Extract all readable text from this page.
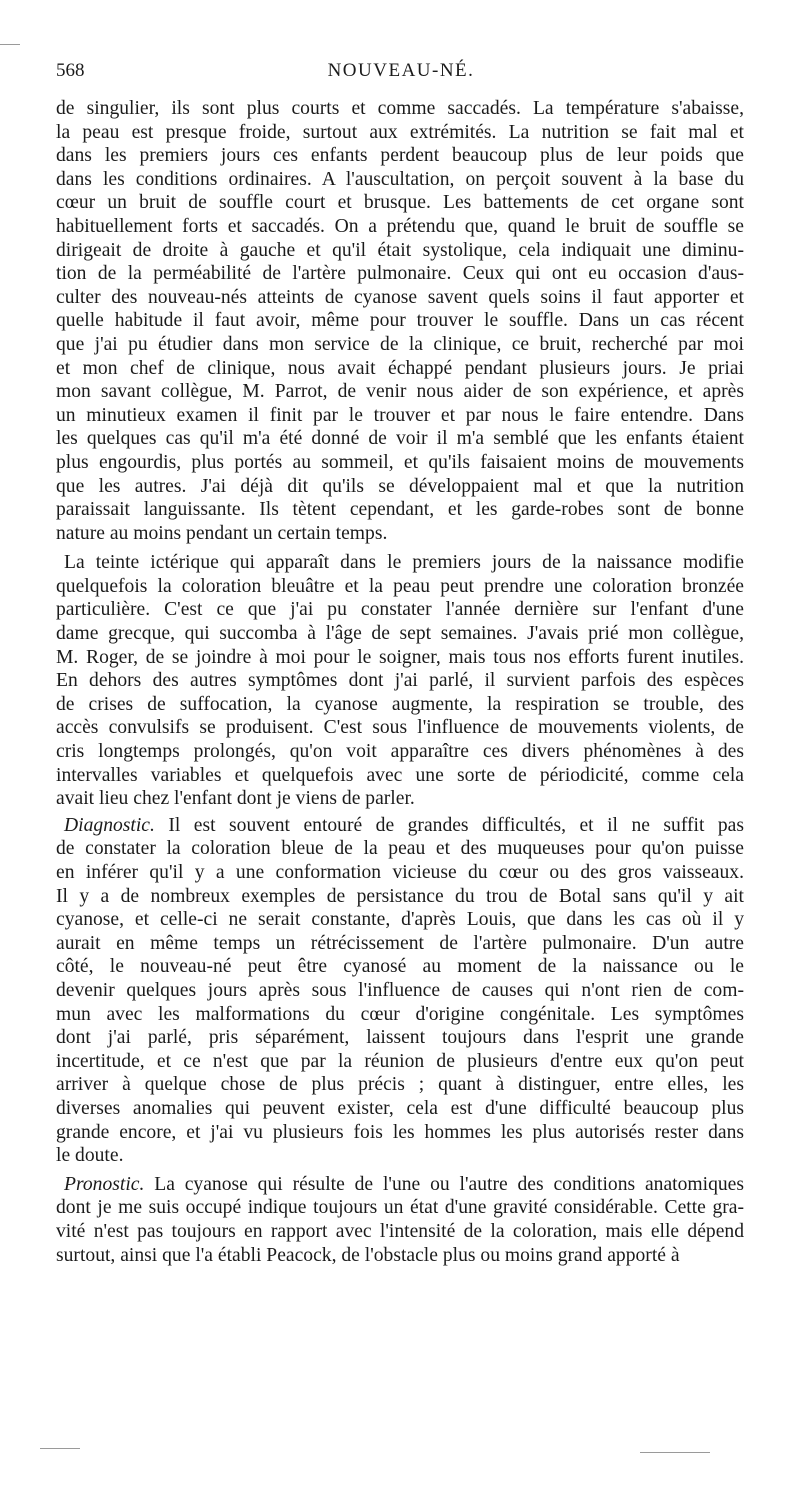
568	NOUVEAU-NÉ.
de singulier, ils sont plus courts et comme saccadés. La température s'abaisse,
la peau est presque froide, surtout aux extrémités. La nutrition se fait mal et
dans les premiers jours ces enfants perdent beaucoup plus de leur poids que
dans les conditions ordinaires. A l'auscultation, on perçoit souvent à la base du
cœur un bruit de souffle court et brusque. Les battements de cet organe sont
habituellement forts et saccadés. On a prétendu que, quand le bruit de souffle se
dirigeait de droite à gauche et qu'il était systolique, cela indiquait une diminu-
tion de la perméabilité de l'artère pulmonaire. Ceux qui ont eu occasion d'aus-
culter des nouveau-nés atteints de cyanose savent quels soins il faut apporter et
quelle habitude il faut avoir, même pour trouver le souffle. Dans un cas récent
que j'ai pu étudier dans mon service de la clinique, ce bruit, recherché par moi
et mon chef de clinique, nous avait échappé pendant plusieurs jours. Je priai
mon savant collègue, M. Parrot, de venir nous aider de son expérience, et après
un minutieux examen il finit par le trouver et par nous le faire entendre. Dans
les quelques cas qu'il m'a été donné de voir il m'a semblé que les enfants étaient
plus engourdis, plus portés au sommeil, et qu'ils faisaient moins de mouvements
que les autres. J'ai déjà dit qu'ils se développaient mal et que la nutrition
paraissait languissante. Ils tètent cependant, et les garde-robes sont de bonne
nature au moins pendant un certain temps.
La teinte ictérique qui apparaît dans le premiers jours de la naissance modifie
quelquefois la coloration bleuâtre et la peau peut prendre une coloration bronzée
particulière. C'est ce que j'ai pu constater l'année dernière sur l'enfant d'une
dame grecque, qui succomba à l'âge de sept semaines. J'avais prié mon collègue,
M. Roger, de se joindre à moi pour le soigner, mais tous nos efforts furent inutiles.
En dehors des autres symptômes dont j'ai parlé, il survient parfois des espèces
de crises de suffocation, la cyanose augmente, la respiration se trouble, des
accès convulsifs se produisent. C'est sous l'influence de mouvements violents, de
cris longtemps prolongés, qu'on voit apparaître ces divers phénomènes à des
intervalles variables et quelquefois avec une sorte de périodicité, comme cela
avait lieu chez l'enfant dont je viens de parler.
Diagnostic. Il est souvent entouré de grandes difficultés, et il ne suffit pas
de constater la coloration bleue de la peau et des muqueuses pour qu'on puisse
en inférer qu'il y a une conformation vicieuse du cœur ou des gros vaisseaux.
Il y a de nombreux exemples de persistance du trou de Botal sans qu'il y ait
cyanose, et celle-ci ne serait constante, d'après Louis, que dans les cas où il y
aurait en même temps un rétrécissement de l'artère pulmonaire. D'un autre
côté, le nouveau-né peut être cyanosé au moment de la naissance ou le
devenir quelques jours après sous l'influence de causes qui n'ont rien de com-
mun avec les malformations du cœur d'origine congénitale. Les symptômes
dont j'ai parlé, pris séparément, laissent toujours dans l'esprit une grande
incertitude, et ce n'est que par la réunion de plusieurs d'entre eux qu'on peut
arriver à quelque chose de plus précis ; quant à distinguer, entre elles, les
diverses anomalies qui peuvent exister, cela est d'une difficulté beaucoup plus
grande encore, et j'ai vu plusieurs fois les hommes les plus autorisés rester dans
le doute.
Pronostic. La cyanose qui résulte de l'une ou l'autre des conditions anatomiques
dont je me suis occupé indique toujours un état d'une gravité considérable. Cette gra-
vité n'est pas toujours en rapport avec l'intensité de la coloration, mais elle dépend
surtout, ainsi que l'a établi Peacock, de l'obstacle plus ou moins grand apporté à
